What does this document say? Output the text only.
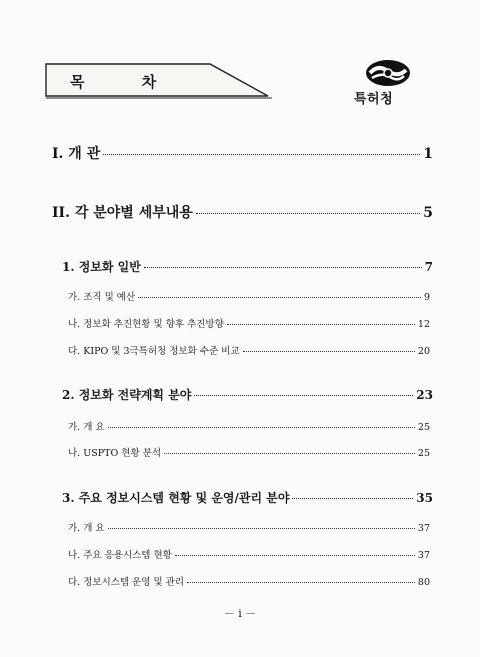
목 차
특허청
I. 개 관	1
II. 각 분야별 세부내용	5
1. 정보화 일반	7
가. 조직 및 예산	9
나. 정보화 추진현황 및 향후 추진방향	12
다. KIPO 및 3극특허청 정보화 수준 비교	20
2. 정보화 전략계획 분야	23
가. 개 요	25
나. USPTO 현황 분석	25
3. 주요 정보시스템 현황 및 운영/관리 분야	35
가. 개 요	37
나. 주요 응용시스템 현황	37
다. 정보시스템 운영 및 관리	80
－ i －
